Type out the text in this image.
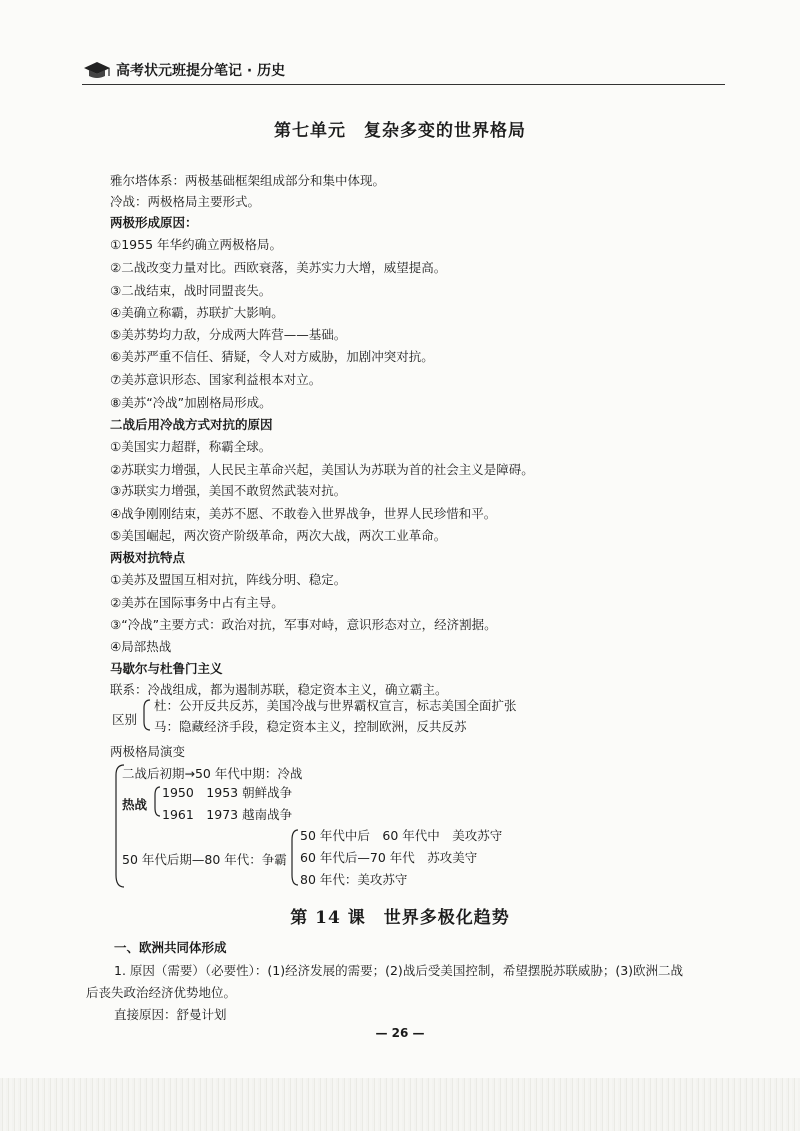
高考状元班提分笔记 · 历史
第七单元　复杂多变的世界格局
雅尔塔体系：两极基础框架组成部分和集中体现。
冷战：两极格局主要形式。
两极形成原因：
①1955 年华约确立两极格局。
②二战改变力量对比。西欧衰落，美苏实力大增，威望提高。
③二战结束，战时同盟丧失。
④美确立称霸，苏联扩大影响。
⑤美苏势均力敌，分成两大阵营——基础。
⑥美苏严重不信任、猜疑，令人对方威胁，加剧冲突对抗。
⑦美苏意识形态、国家利益根本对立。
⑧美苏“冷战”加剧格局形成。
二战后用冷战方式对抗的原因
①美国实力超群，称霸全球。
②苏联实力增强，人民民主革命兴起，美国认为苏联为首的社会主义是障碍。
③苏联实力增强，美国不敢贸然武装对抗。
④战争刚刚结束，美苏不愿、不敢卷入世界战争，世界人民珍惜和平。
⑤美国崛起，两次资产阶级革命，两次大战，两次工业革命。
两极对抗特点
①美苏及盟国互相对抗，阵线分明、稳定。
②美苏在国际事务中占有主导。
③“冷战”主要方式：政治对抗，军事对峙，意识形态对立，经济割据。
④局部热战
马歇尔与杜鲁门主义
联系：冷战组成，都为遏制苏联，稳定资本主义，确立霸主。
区别
杜：公开反共反苏，美国冷战与世界霸权宣言，标志美国全面扩张
马：隐藏经济手段，稳定资本主义，控制欧洲，反共反苏
两极格局演变
二战后初期→50 年代中期：冷战
热战
1950　1953 朝鲜战争
1961　1973 越南战争
50 年代后期—80 年代：争霸
50 年代中后　60 年代中　美攻苏守
60 年代后—70 年代　苏攻美守
80 年代：美攻苏守
第 14 课　世界多极化趋势
一、欧洲共同体形成
1. 原因（需要）（必要性）：(1)经济发展的需要；(2)战后受美国控制，希望摆脱苏联威胁；(3)欧洲二战
后丧失政治经济优势地位。
直接原因：舒曼计划
— 26 —
